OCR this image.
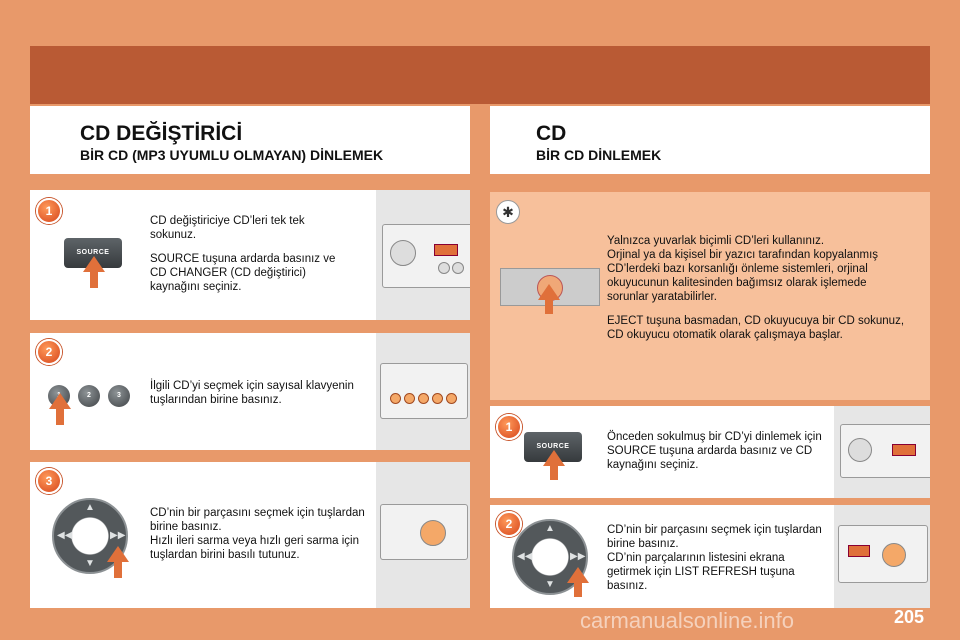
CD DEĞİŞTİRİCİ
BİR CD (MP3 UYUMLU OLMAYAN) DİNLEMEK
CD
BİR CD DİNLEMEK
1
SOURCE

CD değiştiriciye CD’leri tek tek sokunuz.

SOURCE tuşuna ardarda basınız ve CD CHANGER (CD değiştirici) kaynağını seçiniz.

2
1	2	3

İlgili CD’yi seçmek için sayısal klavyenin tuşlarından birine basınız.

3
▲
▼
◀◀	▶▶

CD’nin bir parçasını seçmek için tuşlardan birine basınız.

Hızlı ileri sarma veya hızlı geri sarma için tuşlardan birini basılı tutunuz.

✱

Yalnızca yuvarlak biçimli CD’leri kullanınız.

Orjinal ya da kişisel bir yazıcı tarafından kopyalanmış CD’lerdeki bazı korsanlığı önleme sistemleri, orjinal okuyucunun kalitesinden bağımsız olarak işlemede sorunlar yaratabilirler.

EJECT tuşuna basmadan, CD okuyucuya bir CD sokunuz, CD okuyucu otomatik olarak çalışmaya başlar.

1
SOURCE

Önceden sokulmuş bir CD’yi dinlemek için SOURCE tuşuna ardarda basınız ve CD kaynağını seçiniz.

2	▲
▼
◀◀	▶▶

CD’nin bir parçasını seçmek için tuşlardan birine basınız.

CD’nin parçalarının listesini ekrana getirmek için LIST REFRESH tuşuna basınız.

carmanualsonline.info	205
